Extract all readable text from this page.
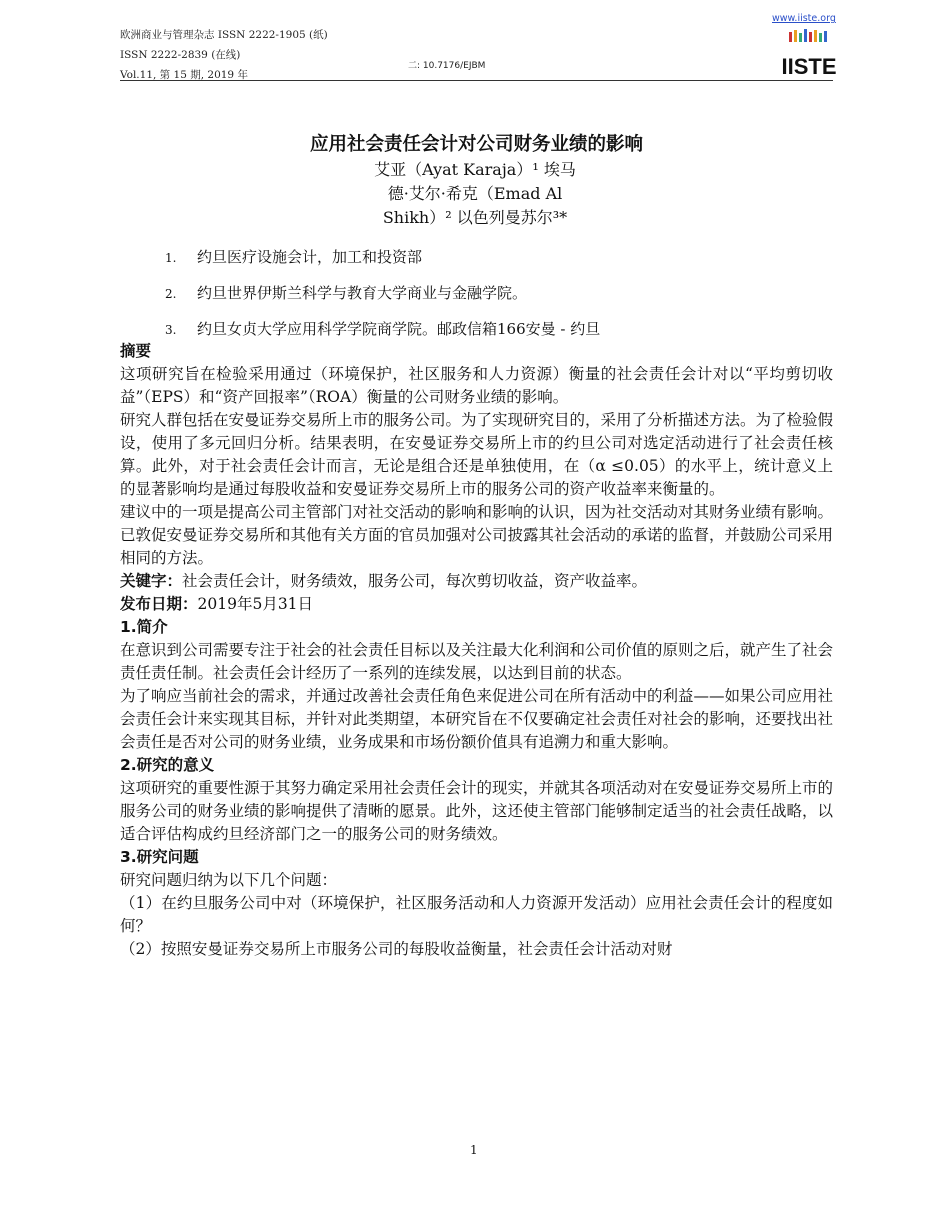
欧洲商业与管理杂志 ISSN 2222-1905 (纸)
ISSN 2222-2839 (在线)
Vol.11, 第 15 期, 2019 年
二: 10.7176/EJBM
www.iiste.org
IISTE
应用社会责任会计对公司财务业绩的影响
艾亚（Ayat Karaja）¹ 埃马
德·艾尔·希克（Emad Al
Shikh）² 以色列曼苏尔³*
1. 约旦医疗设施会计，加工和投资部
2. 约旦世界伊斯兰科学与教育大学商业与金融学院。
3. 约旦女贞大学应用科学学院商学院。邮政信箱166安曼 - 约旦
摘要

这项研究旨在检验采用通过（环境保护，社区服务和人力资源）衡量的社会责任会计对以“平均剪切收益”（EPS）和“资产回报率”（ROA）衡量的公司财务业绩的影响。

研究人群包括在安曼证券交易所上市的服务公司。为了实现研究目的，采用了分析描述方法。为了检验假设，使用了多元回归分析。结果表明，在安曼证券交易所上市的约旦公司对选定活动进行了社会责任核算。此外，对于社会责任会计而言，无论是组合还是单独使用，在（α ≤0.05）的水平上，统计意义上的显著影响均是通过每股收益和安曼证券交易所上市的服务公司的资产收益率来衡量的。

建议中的一项是提高公司主管部门对社交活动的影响和影响的认识，因为社交活动对其财务业绩有影响。已敦促安曼证券交易所和其他有关方面的官员加强对公司披露其社会活动的承诺的监督，并鼓励公司采用相同的方法。

关键字：社会责任会计，财务绩效，服务公司，每次剪切收益，资产收益率。

发布日期：2019年5月31日

1.简介

在意识到公司需要专注于社会的社会责任目标以及关注最大化利润和公司价值的原则之后，就产生了社会责任责任制。社会责任会计经历了一系列的连续发展，以达到目前的状态。

为了响应当前社会的需求，并通过改善社会责任角色来促进公司在所有活动中的利益——如果公司应用社会责任会计来实现其目标，并针对此类期望，本研究旨在不仅要确定社会责任对社会的影响，还要找出社会责任是否对公司的财务业绩，业务成果和市场份额价值具有追溯力和重大影响。

2.研究的意义

这项研究的重要性源于其努力确定采用社会责任会计的现实，并就其各项活动对在安曼证券交易所上市的服务公司的财务业绩的影响提供了清晰的愿景。此外，这还使主管部门能够制定适当的社会责任战略，以适合评估构成约旦经济部门之一的服务公司的财务绩效。

3.研究问题

研究问题归纳为以下几个问题：

（1）在约旦服务公司中对（环境保护，社区服务活动和人力资源开发活动）应用社会责任会计的程度如何？

（2）按照安曼证券交易所上市服务公司的每股收益衡量，社会责任会计活动对财

1
